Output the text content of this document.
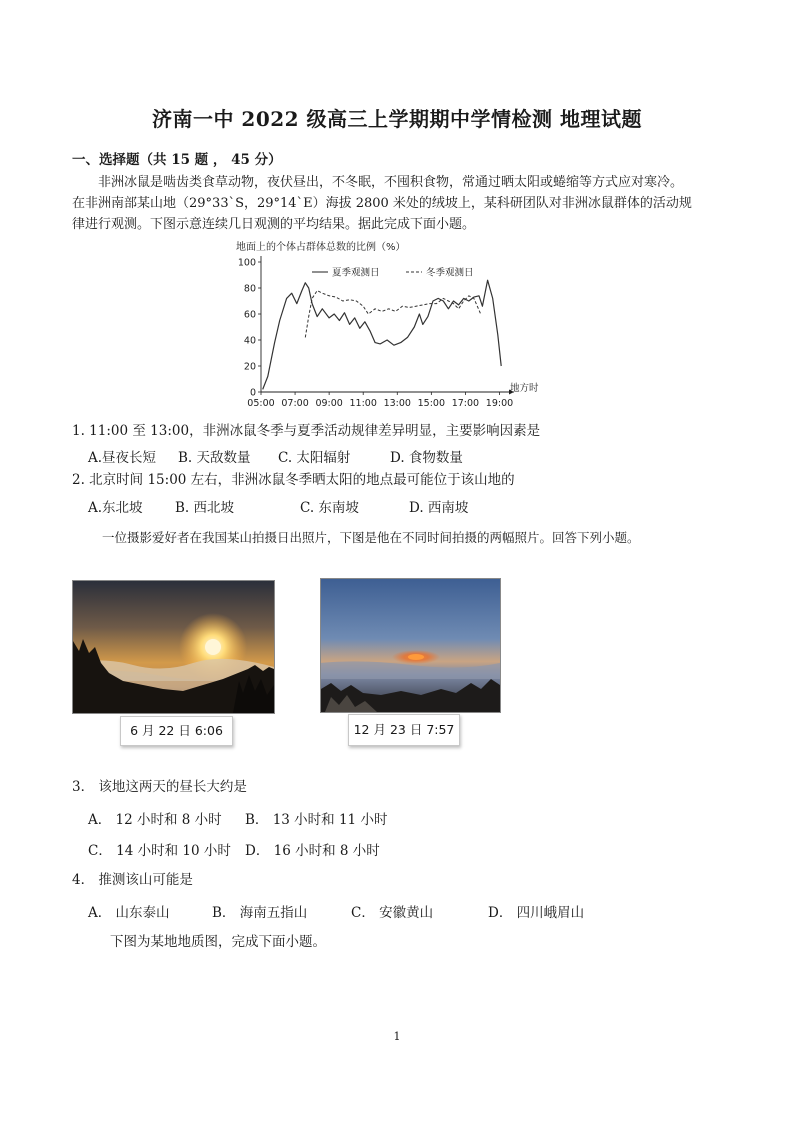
济南一中 2022 级高三上学期期中学情检测 地理试题
一、选择题（共 15 题 ， 45 分）
非洲冰鼠是啮齿类食草动物，夜伏昼出，不冬眠，不囤积食物，常通过晒太阳或蜷缩等方式应对寒冷。
在非洲南部某山地（29°33`S，29°14`E）海拔 2800 米处的绒坡上，某科研团队对非洲冰鼠群体的活动规
律进行观测。下图示意连续几日观测的平均结果。据此完成下面小题。
地面上的个体占群体总数的比例（%）
0
20
40
60
80
100
05:00 07:00 09:00 11:00 13:00 15:00 17:00 19:00
夏季观测日	冬季观测日
地方时
1. 11:00 至 13:00，非洲冰鼠冬季与夏季活动规律差异明显，主要影响因素是
A.昼夜长短 B. 天敌数量 C. 太阳辐射	D. 食物数量
2. 北京时间 15:00 左右，非洲冰鼠冬季晒太阳的地点最可能位于该山地的
A.东北坡 B. 西北坡	C. 东南坡	D. 西南坡
一位摄影爱好者在我国某山拍摄日出照片，下图是他在不同时间拍摄的两幅照片。回答下列小题。
6 月 22 日 6:06	12 月 23 日 7:57
3． 该地这两天的昼长大约是
A． 12 小时和 8 小时 B． 13 小时和 11 小时
C． 14 小时和 10 小时 D． 16 小时和 8 小时
4． 推测该山可能是
A． 山东泰山	B． 海南五指山	C． 安徽黄山	D． 四川峨眉山
下图为某地地质图，完成下面小题。
1
